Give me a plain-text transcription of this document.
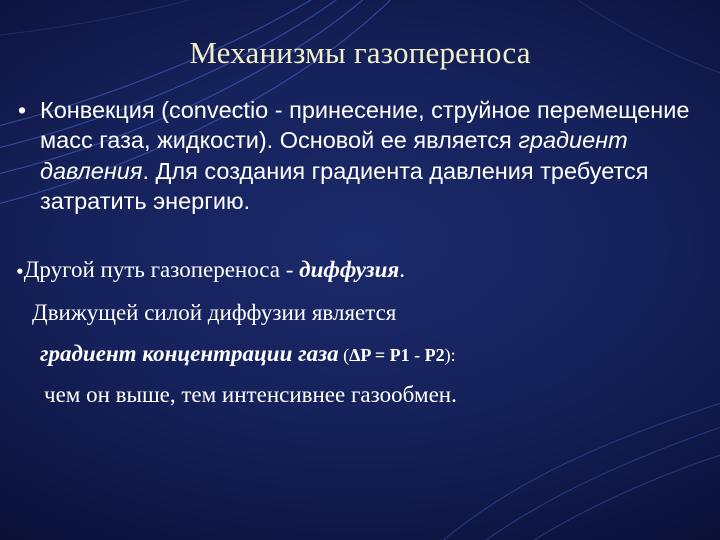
Механизмы газопереноса
• Конвекция (convectio - принесение, струйное перемещение масс газа, жидкости). Основой ее является градиент давления. Для создания градиента давления требуется затратить энергию.
•Другой путь газопереноса - диффузия.
Движущей силой диффузии является
градиент концентрации газа (ΔP = P1 - P2):
чем он выше, тем интенсивнее газообмен.
